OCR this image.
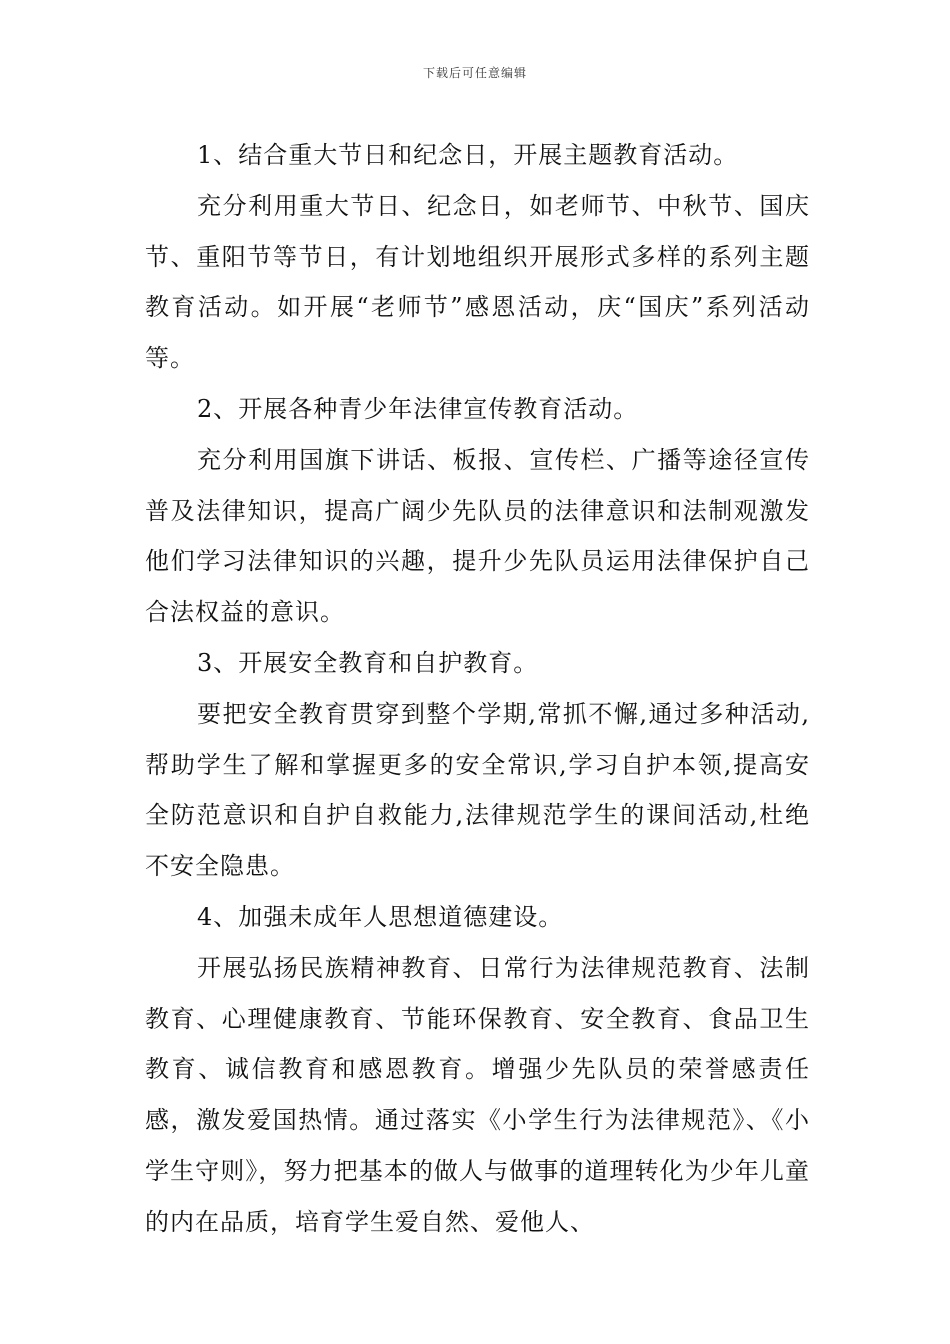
下载后可任意编辑

1、结合重大节日和纪念日，开展主题教育活动。

充分利用重大节日、纪念日，如老师节、中秋节、国庆节、重阳节等节日，有计划地组织开展形式多样的系列主题教育活动。如开展“老师节”感恩活动，庆“国庆”系列活动等。

2、开展各种青少年法律宣传教育活动。

充分利用国旗下讲话、板报、宣传栏、广播等途径宣传普及法律知识，提高广阔少先队员的法律意识和法制观激发他们学习法律知识的兴趣，提升少先队员运用法律保护自己合法权益的意识。

3、开展安全教育和自护教育。

要把安全教育贯穿到整个学期,常抓不懈,通过多种活动,帮助学生了解和掌握更多的安全常识,学习自护本领,提高安全防范意识和自护自救能力,法律规范学生的课间活动,杜绝不安全隐患。

4、加强未成年人思想道德建设。

开展弘扬民族精神教育、日常行为法律规范教育、法制教育、心理健康教育、节能环保教育、安全教育、食品卫生教育、诚信教育和感恩教育。增强少先队员的荣誉感责任感，激发爱国热情。通过落实《小学生行为法律规范》、《小学生守则》，努力把基本的做人与做事的道理转化为少年儿童的内在品质，培育学生爱自然、爱他人、
